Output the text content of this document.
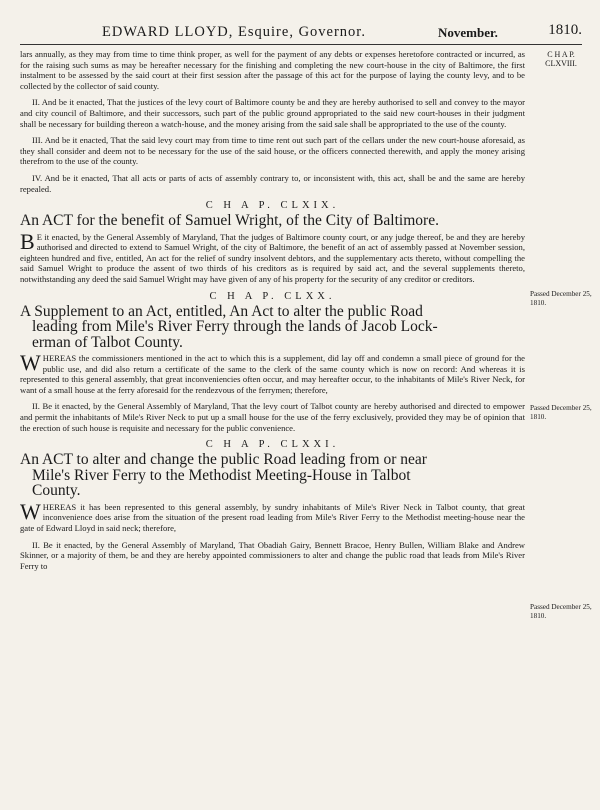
EDWARD LLOYD, Esquire, Governor.	November.	1810.
C H A P.
CLXVIII.

lars annually, as they may from time to time think proper, as well for the payment of any debts or expenses heretofore contracted or incurred, as for the raising such sums as may be hereafter necessary for the finishing and completing the new court-house in the city of Baltimore, the first instalment to be assessed by the said court at their first session after the passage of this act for the purpose of laying the county levy, and to be collected by the collector of said county.

II. And be it enacted, That the justices of the levy court of Baltimore county be and they are hereby authorised to sell and convey to the mayor and city council of Baltimore, and their successors, such part of the public ground appropriated to the said new court-houses in their judgment shall be necessary for building thereon a watch-house, and the money arising from the said sale shall be appropriated to the use of the county.

III. And be it enacted, That the said levy court may from time to time rent out such part of the cellars under the new court-house aforesaid, as they shall consider and deem not to be necessary for the use of the said house, or the officers connected therewith, and apply the money arising therefrom to the use of the county.

IV. And be it enacted, That all acts or parts of acts of assembly contrary to, or inconsistent with, this act, shall be and the same are hereby repealed.

C H A P. CLXIX.
An ACT for the benefit of Samuel Wright, of the City of Baltimore.

B E it enacted, by the General Assembly of Maryland, That the judges of Baltimore county court, or any judge thereof, be and they are hereby authorised and directed to extend to Samuel Wright, of the city of Baltimore, the benefit of an act of assembly passed at November session, eighteen hundred and five, entitled, An act for the relief of sundry insolvent debtors, and the supplementary acts thereto, without compelling the said Samuel Wright to produce the assent of two thirds of his creditors as is required by said act, and the several supplements thereto, notwithstanding any deed the said Samuel Wright may have given of any of his property for the security of any creditor or creditors.

C H A P. CLXX.
A Supplement to an Act, entitled, An Act to alter the public Road
leading from Mile's River Ferry through the lands of Jacob Lock-
erman of Talbot County.

W HEREAS the commissioners mentioned in the act to which this is a supplement, did lay off and condemn a small piece of ground for the public use, and did also return a certificate of the same to the clerk of the same county which is now on record: And whereas it is represented to this general assembly, that great inconveniencies often occur, and may hereafter occur, to the inhabitants of Mile's River Neck, for want of a small house at the ferry aforesaid for the rendezvous of the ferrymen; therefore,

II. Be it enacted, by the General Assembly of Maryland, That the levy court of Talbot county are hereby authorised and directed to empower and permit the inhabitants of Mile's River Neck to put up a small house for the use of the ferry exclusively, provided they may be of opinion that the erection of such house is requisite and necessary for the public convenience.

C H A P. CLXXI.
An ACT to alter and change the public Road leading from or near
Mile's River Ferry to the Methodist Meeting-House in Talbot
County.

W HEREAS it has been represented to this general assembly, by sundry inhabitants of Mile's River Neck in Talbot county, that great inconvenience does arise from the situation of the present road leading from Mile's River Ferry to the Methodist meeting-house near the gate of Edward Lloyd in said neck; therefore,

II. Be it enacted, by the General Assembly of Maryland, That Obadiah Gairy, Bennett Bracoe, Henry Bullen, William Blake and Andrew Skinner, or a majority of them, be and they are hereby appointed commissioners to alter and change the public road that leads from Mile's River Ferry to

Passed December 25, 1810.
Passed December 25, 1810.
Passed December 25, 1810.
